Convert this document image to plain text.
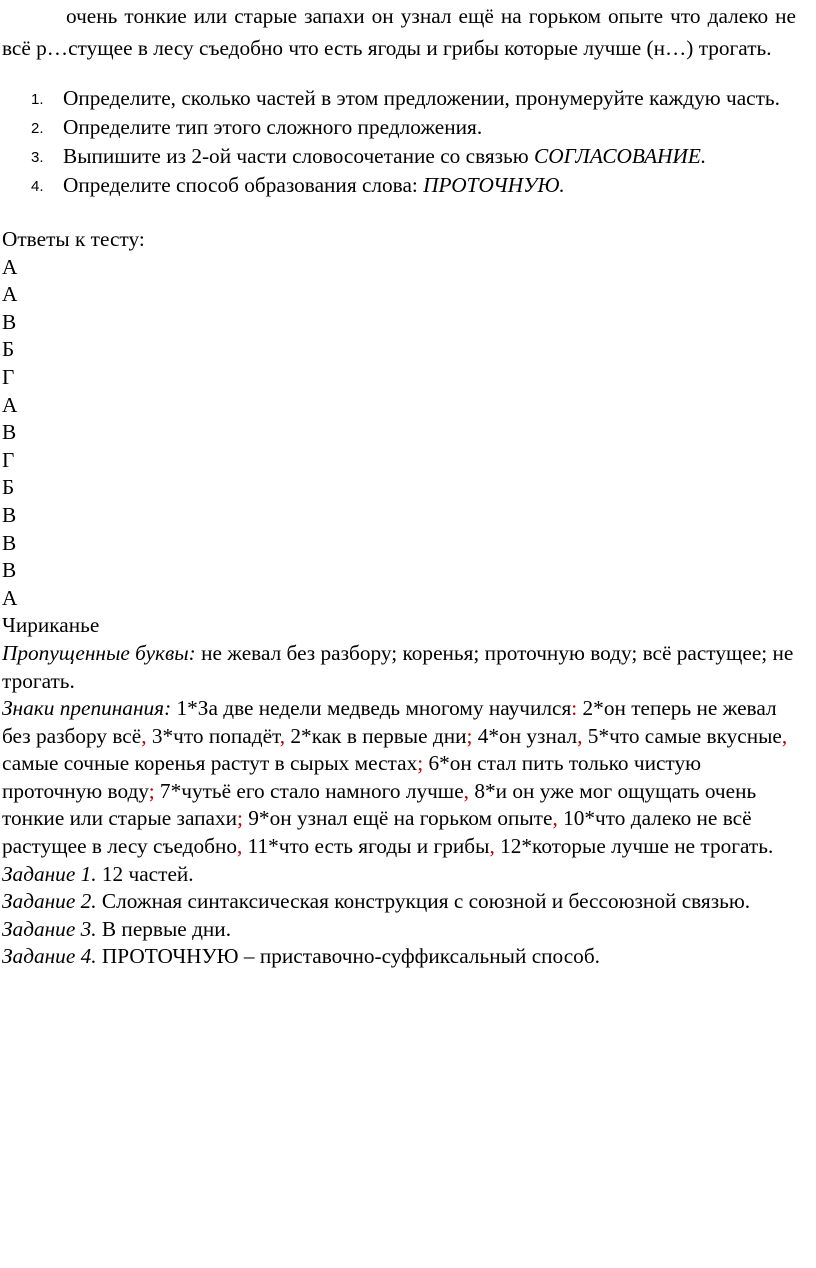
очень тонкие или старые запахи он узнал ещё на горьком опыте что далеко не всё р…стущее в лесу съедобно что есть ягоды и грибы которые лучше (н…) трогать.

1. Определите, сколько частей в этом предложении, пронумеруйте каждую часть.
2. Определите тип этого сложного предложения.
3. Выпишите из 2-ой части словосочетание со связью СОГЛАСОВАНИЕ.
4. Определите способ образования слова: ПРОТОЧНУЮ.
Ответы к тесту:
А
А
В
Б
Г
А
В
Г
Б
В
В
В
А
Чириканье

Пропущенные буквы: не жевал без разбору; коренья; проточную воду; всё растущее; не трогать.

Знаки препинания: 1*За две недели медведь многому научился: 2*он теперь не жевал без разбору всё, 3*что попадёт, 2*как в первые дни; 4*он узнал, 5*что самые вкусные, самые сочные коренья растут в сырых местах; 6*он стал пить только чистую проточную воду; 7*чутьё его стало намного лучше, 8*и он уже мог ощущать очень тонкие или старые запахи; 9*он узнал ещё на горьком опыте, 10*что далеко не всё растущее в лесу съедобно, 11*что есть ягоды и грибы, 12*которые лучше не трогать.

Задание 1. 12 частей.

Задание 2. Сложная синтаксическая конструкция с союзной и бессоюзной связью.

Задание 3. В первые дни.

Задание 4. ПРОТОЧНУЮ – приставочно-суффиксальный способ.
